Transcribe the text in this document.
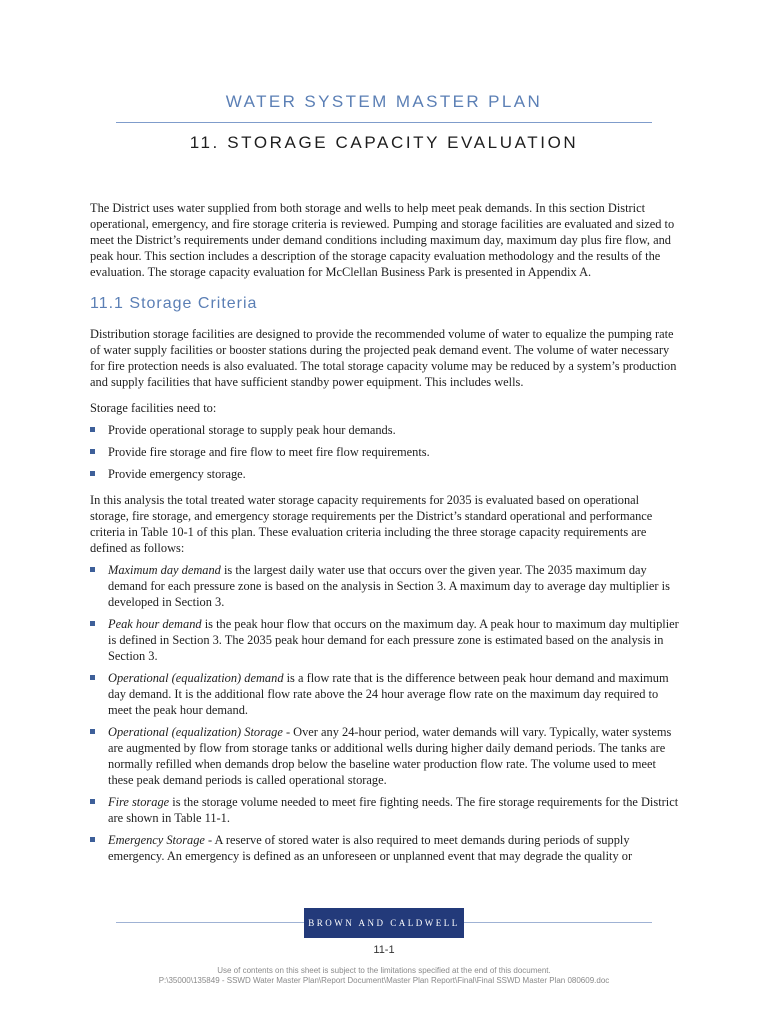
WATER SYSTEM MASTER PLAN
11. STORAGE CAPACITY EVALUATION

The District uses water supplied from both storage and wells to help meet peak demands. In this section District operational, emergency, and fire storage criteria is reviewed. Pumping and storage facilities are evaluated and sized to meet the District’s requirements under demand conditions including maximum day, maximum day plus fire flow, and peak hour. This section includes a description of the storage capacity evaluation methodology and the results of the evaluation. The storage capacity evaluation for McClellan Business Park is presented in Appendix A.

11.1 Storage Criteria

Distribution storage facilities are designed to provide the recommended volume of water to equalize the pumping rate of water supply facilities or booster stations during the projected peak demand event. The volume of water necessary for fire protection needs is also evaluated. The total storage capacity volume may be reduced by a system’s production and supply facilities that have sufficient standby power equipment. This includes wells.

Storage facilities need to:

Provide operational storage to supply peak hour demands.
Provide fire storage and fire flow to meet fire flow requirements.
Provide emergency storage.

In this analysis the total treated water storage capacity requirements for 2035 is evaluated based on operational storage, fire storage, and emergency storage requirements per the District’s standard operational and performance criteria in Table 10-1 of this plan. These evaluation criteria including the three storage capacity requirements are defined as follows:

Maximum day demand is the largest daily water use that occurs over the given year. The 2035 maximum day demand for each pressure zone is based on the analysis in Section 3. A maximum day to average day multiplier is developed in Section 3.
Peak hour demand is the peak hour flow that occurs on the maximum day. A peak hour to maximum day multiplier is defined in Section 3. The 2035 peak hour demand for each pressure zone is estimated based on the analysis in Section 3.
Operational (equalization) demand is a flow rate that is the difference between peak hour demand and maximum day demand. It is the additional flow rate above the 24 hour average flow rate on the maximum day required to meet the peak hour demand.
Operational (equalization) Storage - Over any 24-hour period, water demands will vary. Typically, water systems are augmented by flow from storage tanks or additional wells during higher daily demand periods. The tanks are normally refilled when demands drop below the baseline water production flow rate. The volume used to meet these peak demand periods is called operational storage.
Fire storage is the storage volume needed to meet fire fighting needs. The fire storage requirements for the District are shown in Table 11-1.
Emergency Storage - A reserve of stored water is also required to meet demands during periods of supply emergency. An emergency is defined as an unforeseen or unplanned event that may degrade the quality or
BROWN AND CALDWELL
11-1
Use of contents on this sheet is subject to the limitations specified at the end of this document.
P:\35000\135849 - SSWD Water Master Plan\Report Document\Master Plan Report\Final\Final SSWD Master Plan 080609.doc
